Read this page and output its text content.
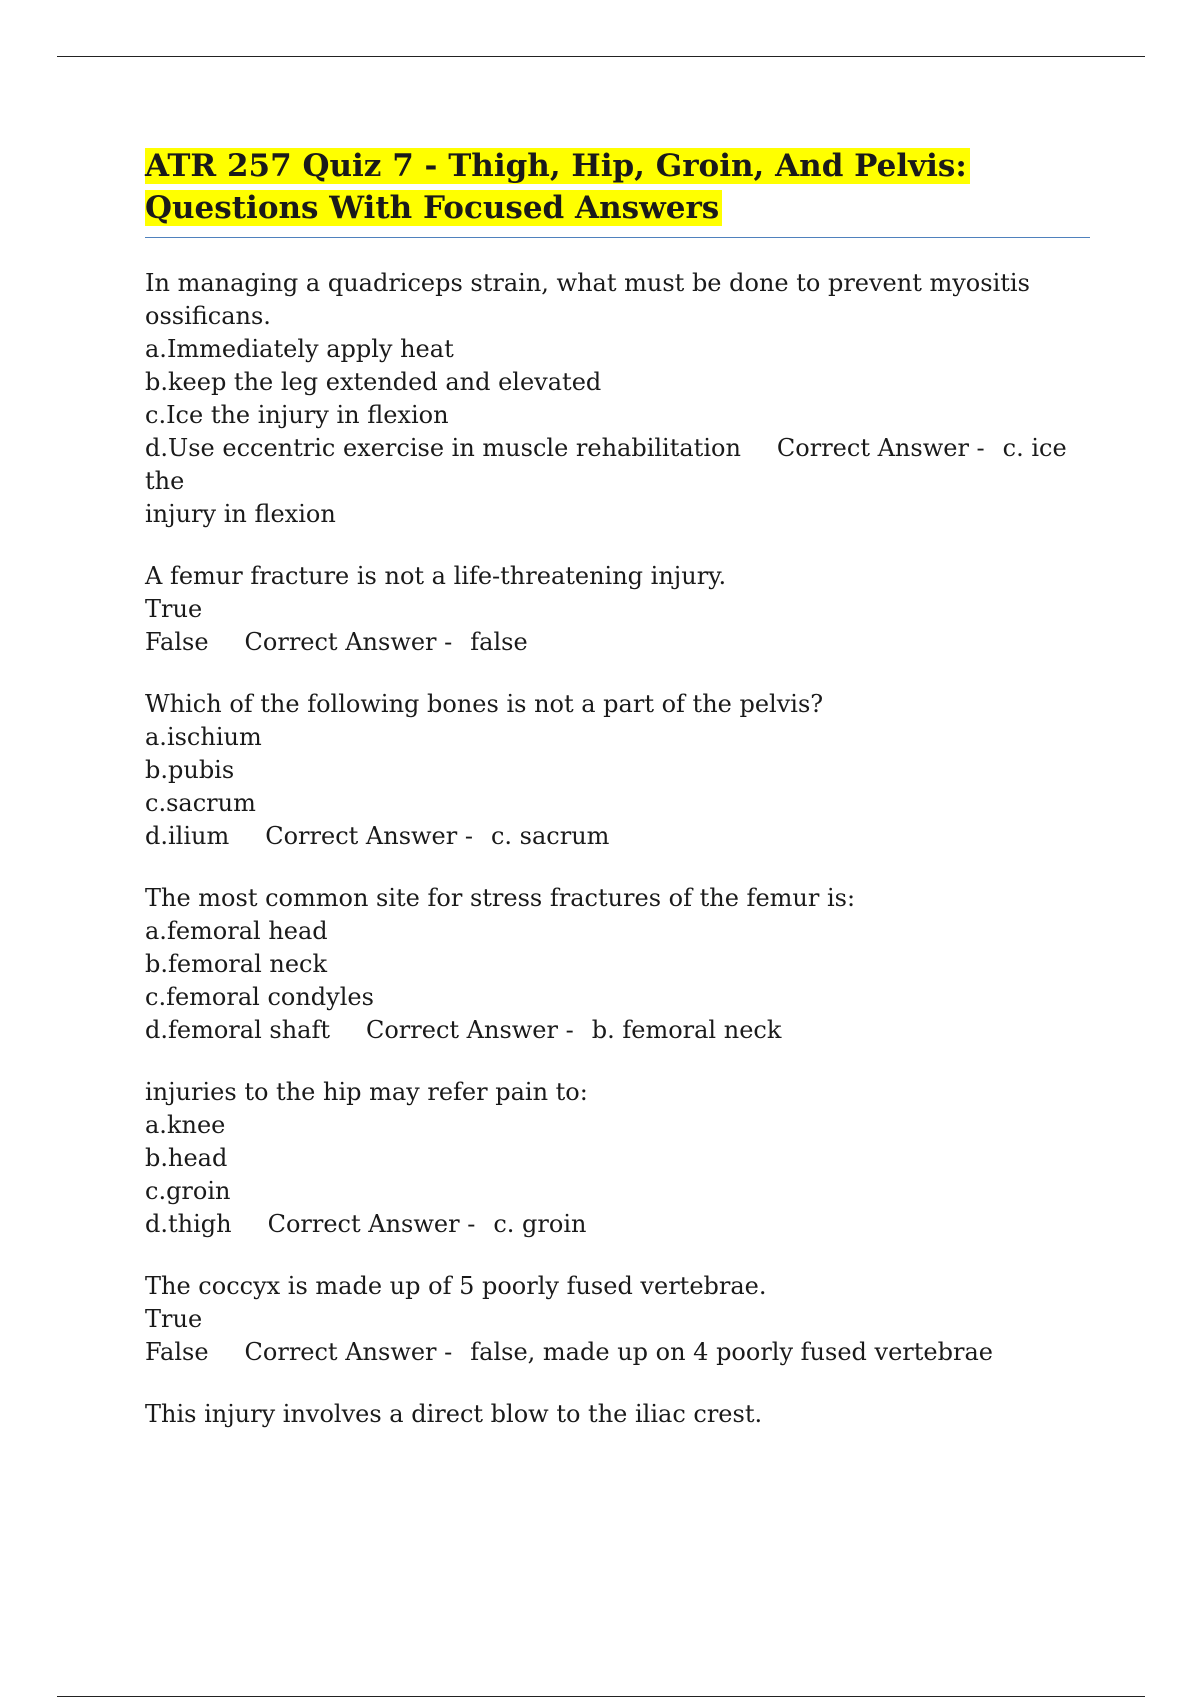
ATR 257 Quiz 7 - Thigh, Hip, Groin, And Pelvis:
Questions With Focused Answers
In managing a quadriceps strain, what must be done to prevent myositis
ossificans.
a.Immediately apply heat
b.keep the leg extended and elevated
c.Ice the injury in flexion
d.Use eccentric exercise in muscle rehabilitation Correct Answer - c. ice the
injury in flexion
A femur fracture is not a life-threatening injury.
True
False Correct Answer - false
Which of the following bones is not a part of the pelvis?
a.ischium
b.pubis
c.sacrum
d.ilium Correct Answer - c. sacrum
The most common site for stress fractures of the femur is:
a.femoral head
b.femoral neck
c.femoral condyles
d.femoral shaft Correct Answer - b. femoral neck
injuries to the hip may refer pain to:
a.knee
b.head
c.groin
d.thigh Correct Answer - c. groin
The coccyx is made up of 5 poorly fused vertebrae.
True
False Correct Answer - false, made up on 4 poorly fused vertebrae
This injury involves a direct blow to the iliac crest.
